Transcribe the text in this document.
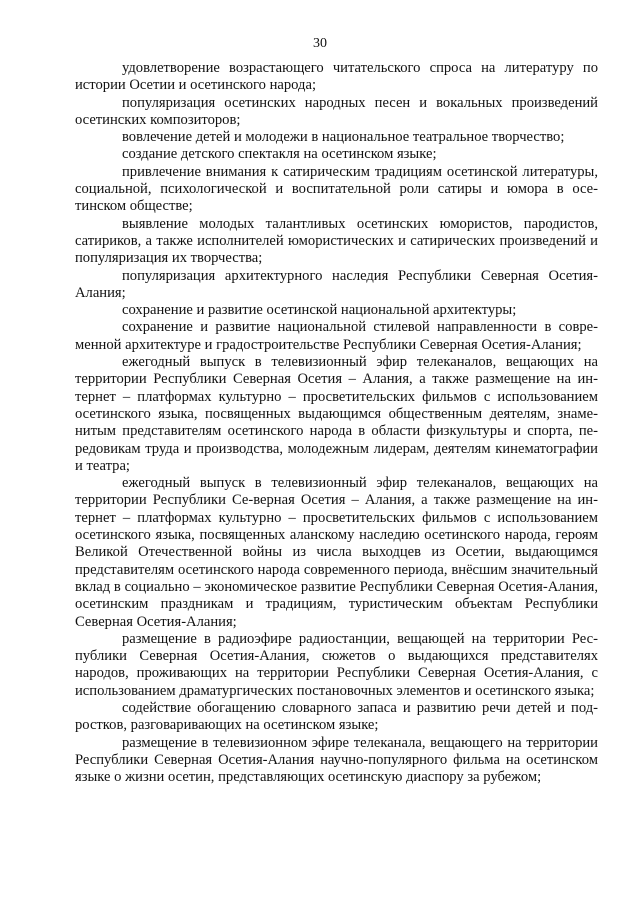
30

удовлетворение возрастающего читательского спроса на литературу по истории Осетии и осетинского народа;

популяризация осетинских народных песен и вокальных произведений осетинских композиторов;

вовлечение детей и молодежи в национальное театральное творчество;

создание детского спектакля на осетинском языке;

привлечение внимания к сатирическим традициям осетинской литературы, социальной, психологической и воспитательной роли сатиры и юмора в осетинском обществе;

выявление молодых талантливых осетинских юмористов, пародистов, сатириков, а также исполнителей юмористических и сатирических произведений и популяризация их творчества;

популяризация архитектурного наследия Республики Северная Осетия-Алания;

сохранение и развитие осетинской национальной архитектуры;

сохранение и развитие национальной стилевой направленности в современной архитектуре и градостроительстве Республики Северная Осетия-Алания;

ежегодный выпуск в телевизионный эфир телеканалов, вещающих на территории Республики Северная Осетия – Алания, а также размещение на интернет – платформах культурно – просветительских фильмов с использованием осетинского языка, посвященных выдающимся общественным деятелям, знаменитым представителям осетинского народа в области физкультуры и спорта, передовикам труда и производства, молодежным лидерам, деятелям кинематографии и театра;

ежегодный выпуск в телевизионный эфир телеканалов, вещающих на территории Республики Се-верная Осетия – Алания, а также размещение на интернет – платформах культурно – просветительских фильмов с использованием осетинского языка, посвященных аланскому наследию осетинского народа, героям Великой Отечественной войны из числа выходцев из Осетии, выдающимся представителям осетинского народа современного периода, внёсшим значительный вклад в социально – экономическое развитие Республики Северная Осетия-Алания, осетинским праздникам и традициям, туристическим объектам Республики Северная Осетия-Алания;

размещение в радиоэфире радиостанции, вещающей на территории Республики Северная Осетия-Алания, сюжетов о выдающихся представителях народов, проживающих на территории Республики Северная Осетия-Алания, с использованием драматургических постановочных элементов и осетинского языка;

содействие обогащению словарного запаса и развитию речи детей и подростков, разговаривающих на осетинском языке;

размещение в телевизионном эфире телеканала, вещающего на территории Республики Северная Осетия-Алания научно-популярного фильма на осетинском языке о жизни осетин, представляющих осетинскую диаспору за рубежом;
